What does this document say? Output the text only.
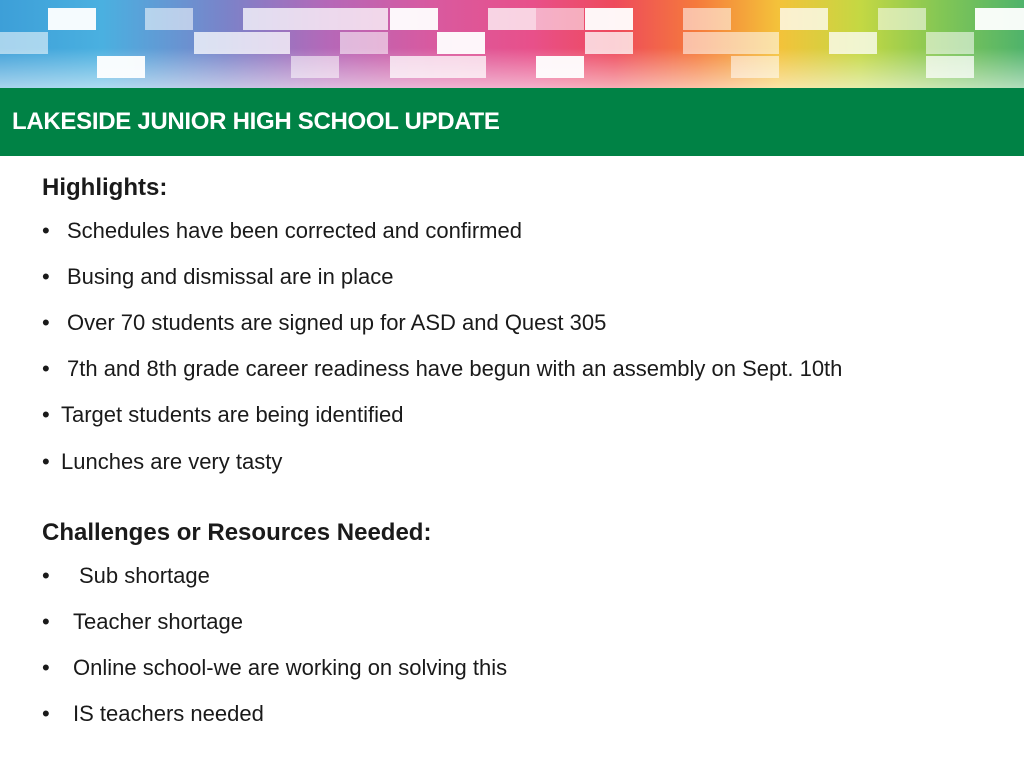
LAKESIDE JUNIOR HIGH SCHOOL UPDATE
Highlights:
• Schedules have been corrected and confirmed
• Busing and dismissal are in place
• Over 70 students are signed up for ASD and Quest 305
• 7th and 8th grade career readiness have begun with an assembly on Sept. 10th
• Target students are being identified
• Lunches are very tasty
Challenges or Resources Needed:
•	Sub shortage
•	Teacher shortage
•	Online school-we are working on solving this
•	IS teachers needed
